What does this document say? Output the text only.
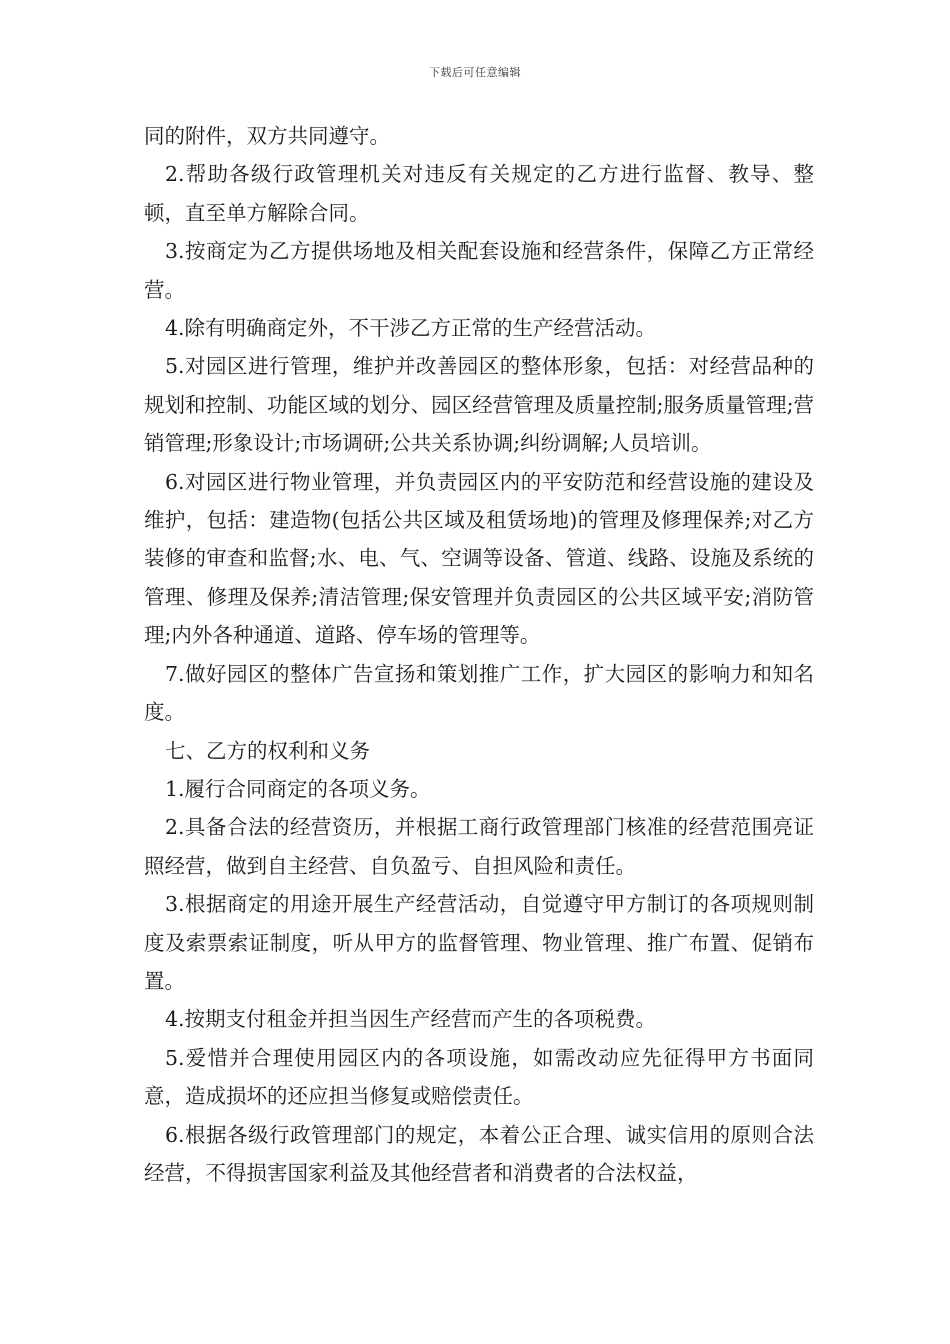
下载后可任意编辑

同的附件，双方共同遵守。

2.帮助各级行政管理机关对违反有关规定的乙方进行监督、教导、整顿，直至单方解除合同。

3.按商定为乙方提供场地及相关配套设施和经营条件，保障乙方正常经营。

4.除有明确商定外，不干涉乙方正常的生产经营活动。

5.对园区进行管理，维护并改善园区的整体形象，包括：对经营品种的规划和控制、功能区域的划分、园区经营管理及质量控制;服务质量管理;营销管理;形象设计;市场调研;公共关系协调;纠纷调解;人员培训。

6.对园区进行物业管理，并负责园区内的平安防范和经营设施的建设及维护，包括：建造物(包括公共区域及租赁场地)的管理及修理保养;对乙方装修的审查和监督;水、电、气、空调等设备、管道、线路、设施及系统的管理、修理及保养;清洁管理;保安管理并负责园区的公共区域平安;消防管理;内外各种通道、道路、停车场的管理等。

7.做好园区的整体广告宣扬和策划推广工作，扩大园区的影响力和知名度。

七、乙方的权利和义务

1.履行合同商定的各项义务。

2.具备合法的经营资历，并根据工商行政管理部门核准的经营范围亮证照经营，做到自主经营、自负盈亏、自担风险和责任。

3.根据商定的用途开展生产经营活动，自觉遵守甲方制订的各项规则制度及索票索证制度，听从甲方的监督管理、物业管理、推广布置、促销布置。

4.按期支付租金并担当因生产经营而产生的各项税费。

5.爱惜并合理使用园区内的各项设施，如需改动应先征得甲方书面同意，造成损坏的还应担当修复或赔偿责任。

6.根据各级行政管理部门的规定，本着公正合理、诚实信用的原则合法经营，不得损害国家利益及其他经营者和消费者的合法权益，
